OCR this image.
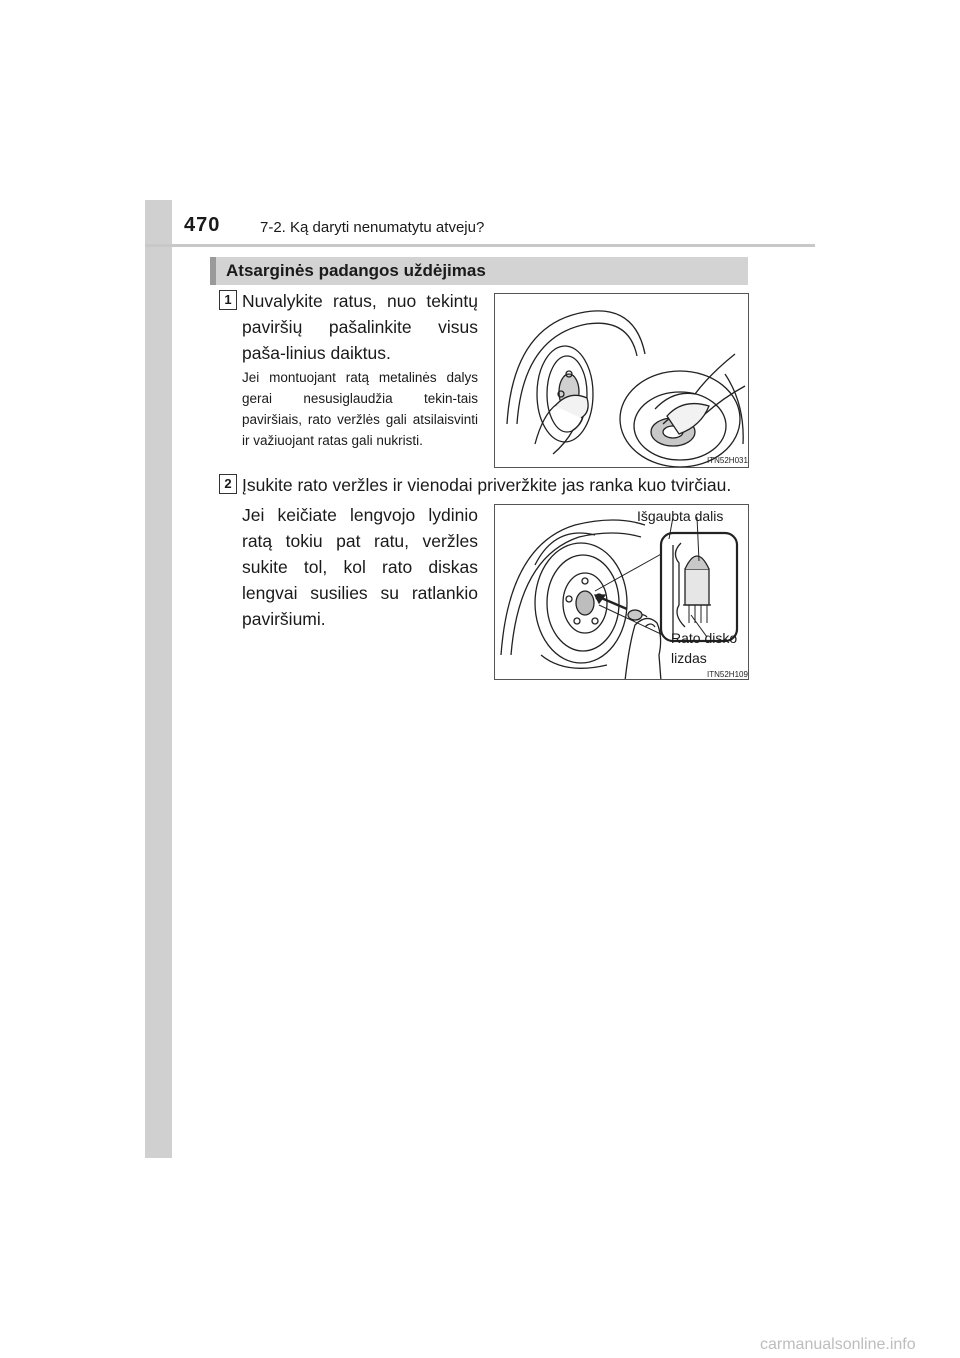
470	7-2. Ką daryti nenumatytu atveju?
Atsarginės padangos uždėjimas
1 Nuvalykite ratus, nuo tekintų paviršių pašalinkite visus paša-linius daiktus.
Jei montuojant ratą metalinės dalys gerai nesusiglaudžia tekin-tais paviršiais, rato veržlės gali atsilaisvinti ir važiuojant ratas gali nukristi.
ITN52H031
2 Įsukite rato veržles ir vienodai priveržkite jas ranka kuo tvirčiau.
Jei keičiate lengvojo lydinio ratą tokiu pat ratu, veržles sukite tol, kol rato diskas lengvai susilies su ratlankio paviršiumi.
Išgaubta dalis
Rato disko
lizdas
ITN52H109
carmanualsonline.info
